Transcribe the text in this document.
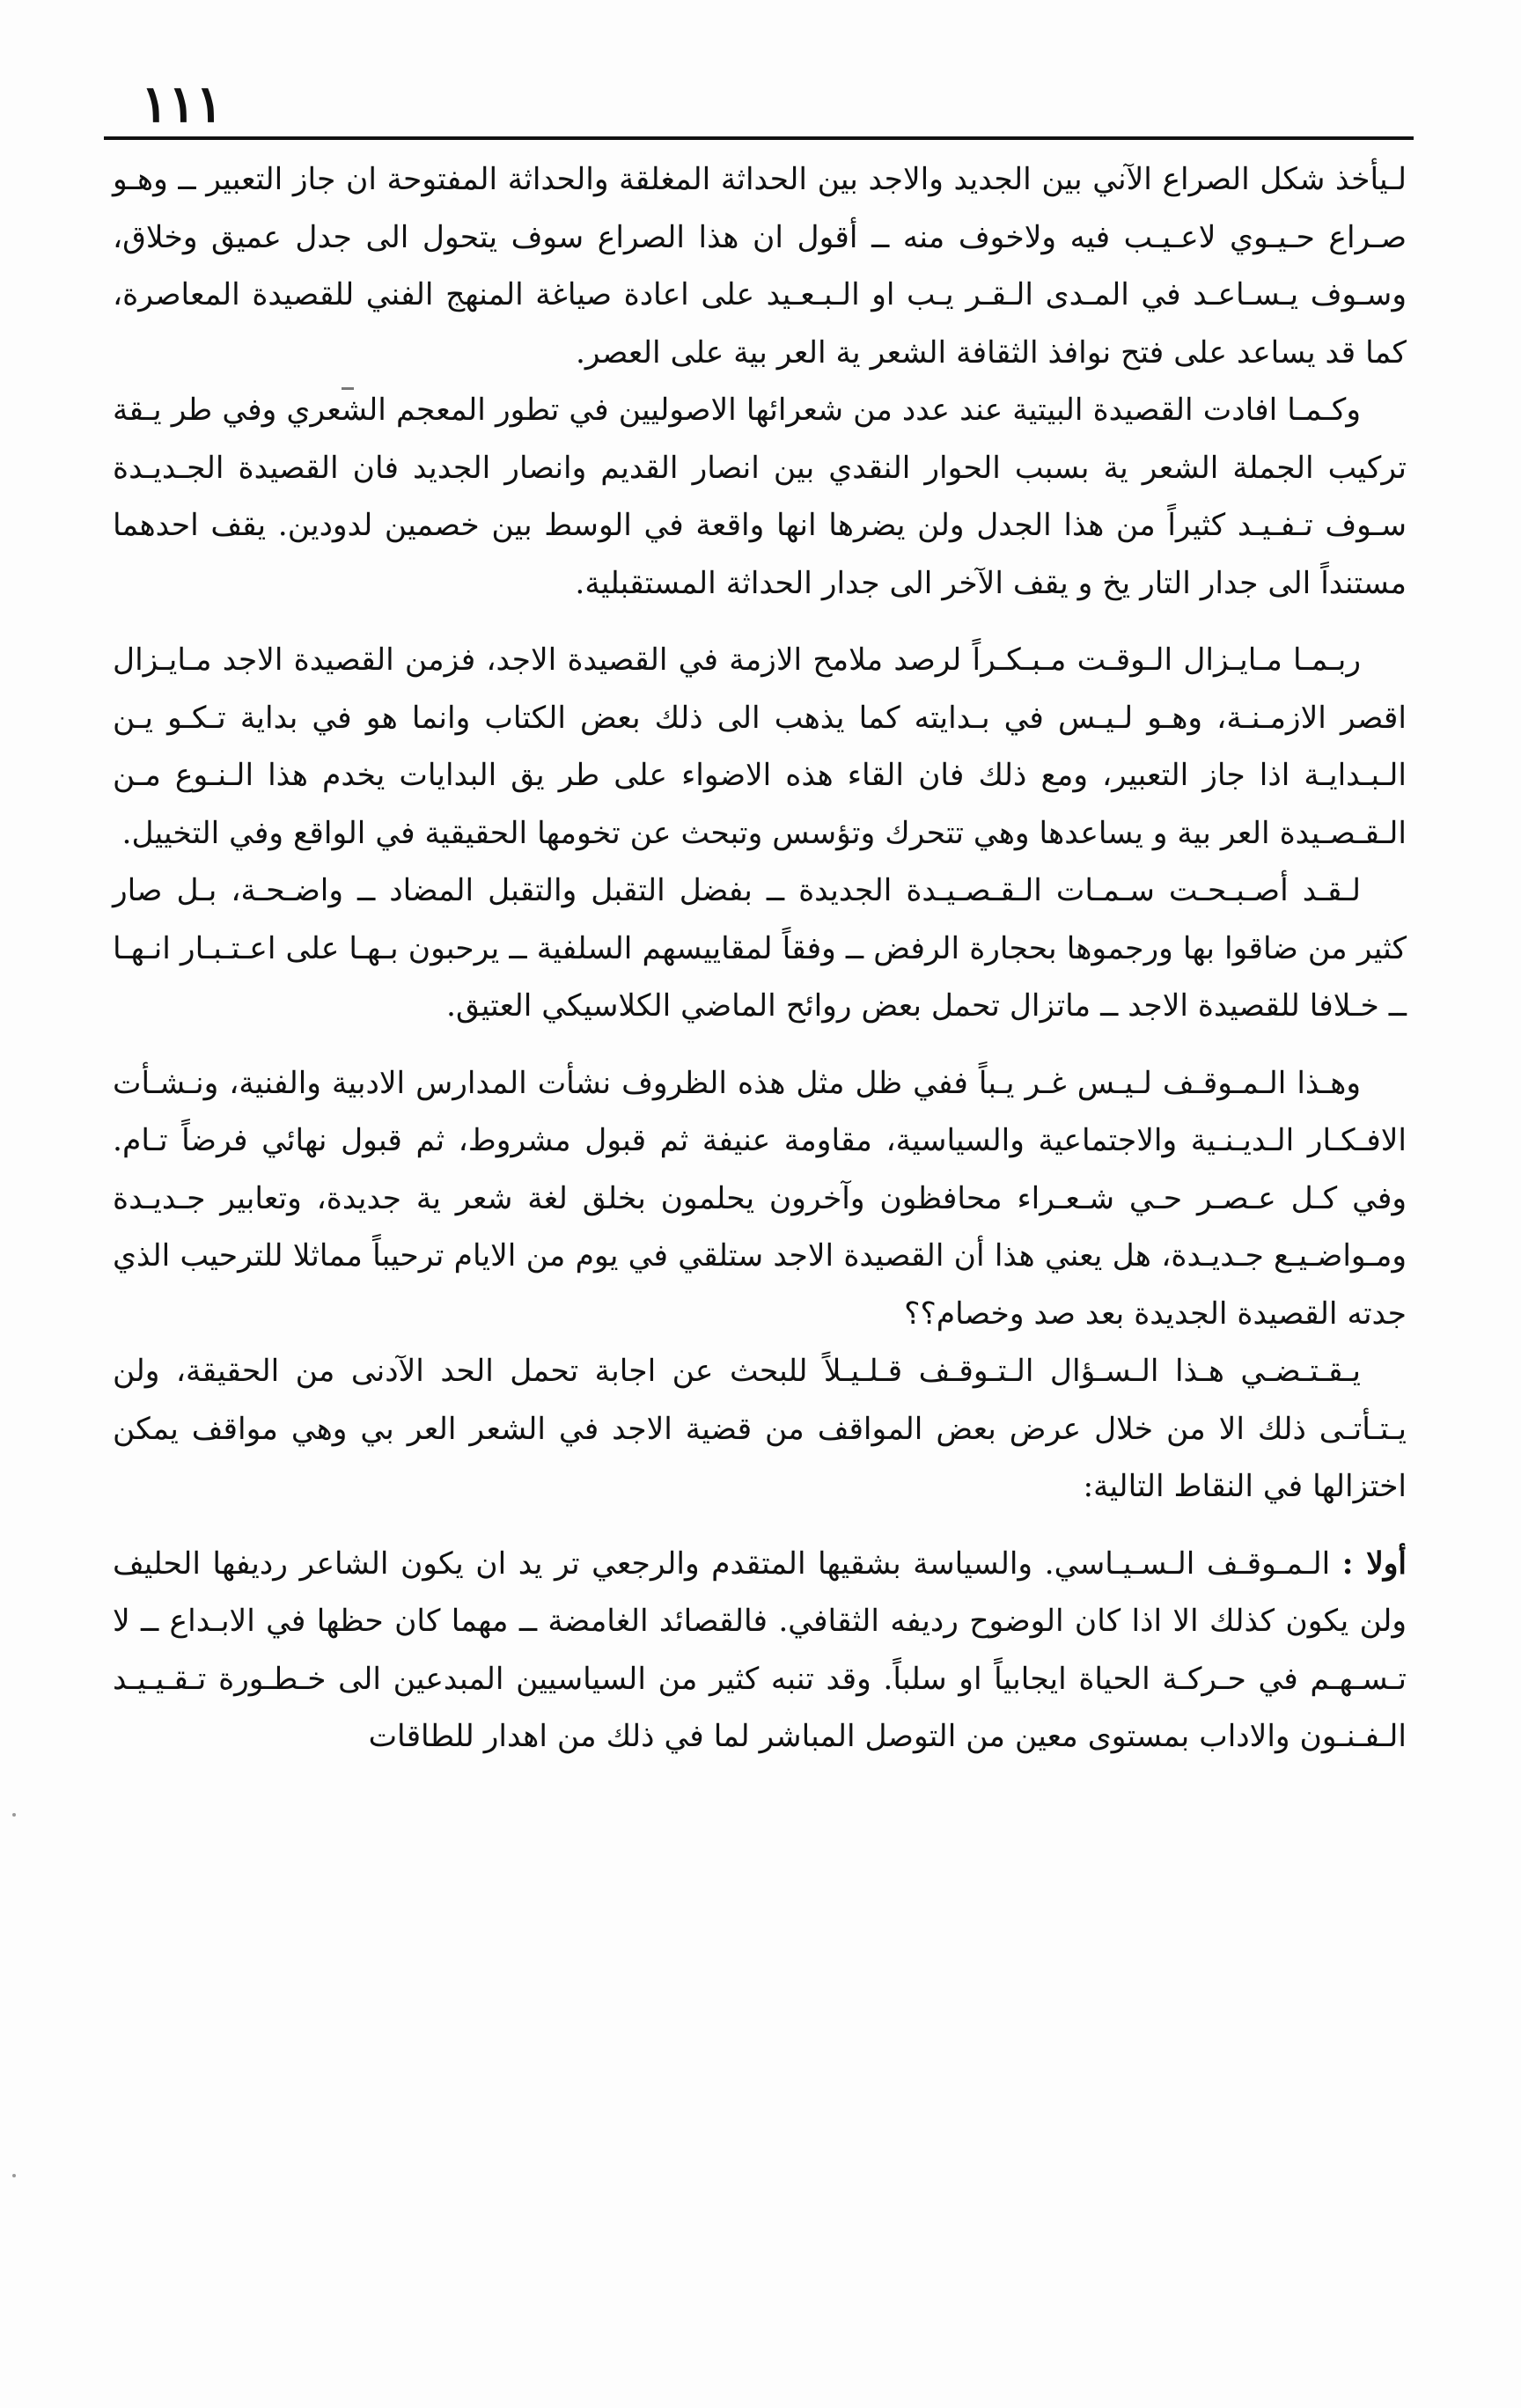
١١١

لـيأخذ شكل الصراع الآني بين الجديد والاجد بين الحداثة المغلقة والحداثة المفتوحة ان جاز التعبير ــ وهـو صـراع حـيـوي لاعـيـب فيه ولاخوف منه ــ أقول ان هذا الصراع سوف يتحول الى جدل عميق وخلاق، وسـوف يـسـاعـد في المـدى الـقـر يـب او الـبـعـيد على اعادة صياغة المنهج الفني للقصيدة المعاصرة، كما قد يساعد على فتح نوافذ الثقافة الشعر ية العر بية على العصر.

وكـمـا افادت القصيدة البيتية عند عدد من شعرائها الاصوليين في تطور المعجم الشعري وفي طر يـقة تركيب الجملة الشعر ية بسبب الحوار النقدي بين انصار القديم وانصار الجديد فان القصيدة الجـديـدة سـوف تـفـيـد كثيراً من هذا الجدل ولن يضرها انها واقعة في الوسط بين خصمين لدودين. يقف احدهما مستنداً الى جدار التار يخ و يقف الآخر الى جدار الحداثة المستقبلية.

ربـمـا مـايـزال الـوقـت مـبـكـراً لرصد ملامح الازمة في القصيدة الاجد، فزمن القصيدة الاجد مـايـزال اقصر الازمـنـة، وهـو لـيـس في بـدايته كما يذهب الى ذلك بعض الكتاب وانما هو في بداية تـكـو يـن الـبـدايـة اذا جاز التعبير، ومع ذلك فان القاء هذه الاضواء على طر يق البدايات يخدم هذا الـنـوع مـن الـقـصـيدة العر بية و يساعدها وهي تتحرك وتؤسس وتبحث عن تخومها الحقيقية في الواقع وفي التخييل.

لـقـد أصـبـحـت سـمـات الـقـصـيـدة الجديدة ــ بفضل التقبل والتقبل المضاد ــ واضـحـة، بـل صار كثير من ضاقوا بها ورجموها بحجارة الرفض ــ وفقاً لمقاييسهم السلفية ــ يرحبون بـهـا على اعـتـبـار انـهـا ــ خـلافا للقصيدة الاجد ــ ماتزال تحمل بعض روائح الماضي الكلاسيكي العتيق.

وهـذا الـمـوقـف لـيـس غـر يـباً ففي ظل مثل هذه الظروف نشأت المدارس الادبية والفنية، ونـشـأت الافـكـار الـديـنـية والاجتماعية والسياسية، مقاومة عنيفة ثم قبول مشروط، ثم قبول نهائي فرضاً تـام. وفي كـل عـصـر حـي شـعـراء محافظون وآخرون يحلمون بخلق لغة شعر ية جديدة، وتعابير جـديـدة ومـواضـيـع جـديـدة، هل يعني هذا أن القصيدة الاجد ستلقي في يوم من الايام ترحيباً مماثلا للترحيب الذي جدته القصيدة الجديدة بعد صد وخصام؟؟

يـقـتـضـي هـذا الـسـؤال الـتـوقـف قـلـيـلاً للبحث عن اجابة تحمل الحد الآدنى من الحقيقة، ولن يـتـأتـى ذلك الا من خلال عرض بعض المواقف من قضية الاجد في الشعر العر بي وهي مواقف يمكن اختزالها في النقاط التالية:

أولا : الـمـوقـف الـسـيـاسي. والسياسة بشقيها المتقدم والرجعي تر يد ان يكون الشاعر رديفها الحليف ولن يكون كذلك الا اذا كان الوضوح رديفه الثقافي. فالقصائد الغامضة ــ مهما كان حظها في الابـداع ــ لا تـسـهـم في حـركـة الحياة ايجابياً او سلباً. وقد تنبه كثير من السياسيين المبدعين الى خـطـورة تـقـيـيـد الـفـنـون والاداب بمستوى معين من التوصل المباشر لما في ذلك من اهدار للطاقات
